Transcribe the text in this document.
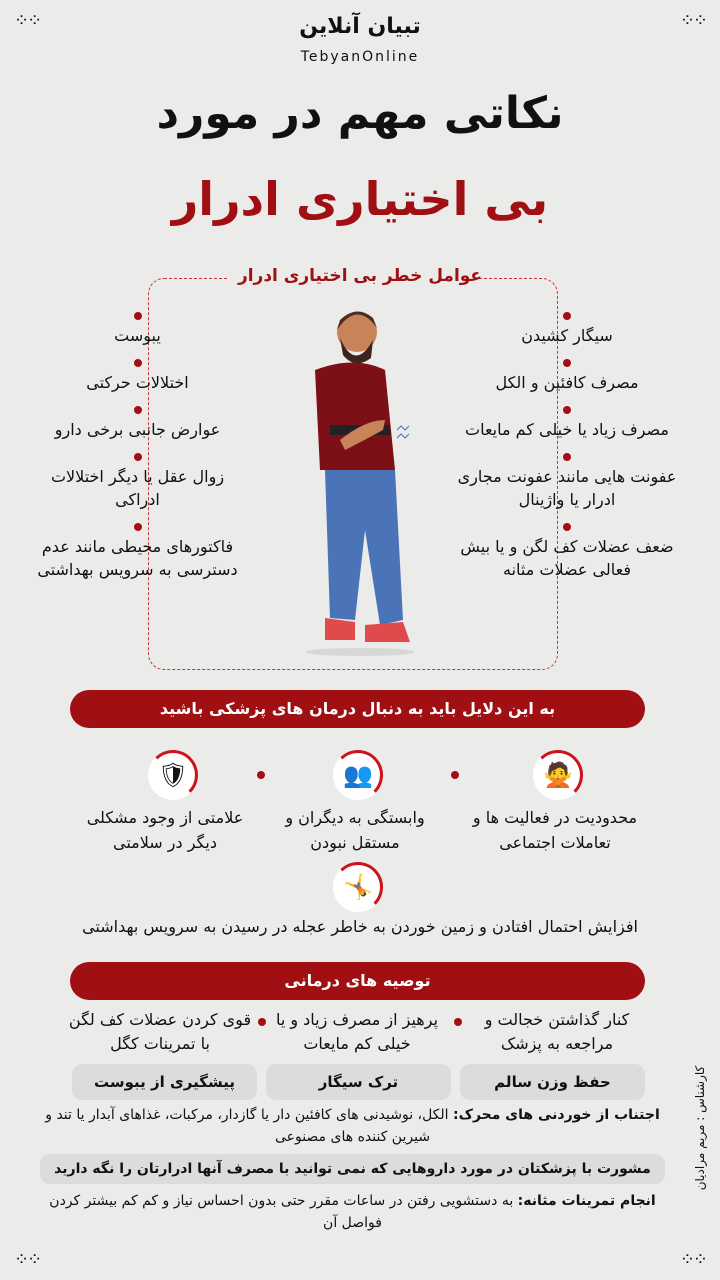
⁘⁘	⁘⁘
⁘⁘	⁘⁘
تبیان آنلاین
TebyanOnline
نکاتی مهم در مورد
بی اختیاری ادرار
عوامل خطر بی اختیاری ادرار
یبوست
اختلالات حرکتی
عوارض جانبی برخی دارو
زوال عقل یا دیگر اختلالات ادراکی
فاکتورهای محیطی مانند عدم دسترسی به سرویس بهداشتی
سیگار کشیدن
مصرف کافئین و الکل
مصرف زیاد یا خیلی کم مایعات
عفونت هایی مانند عفونت مجاری ادرار یا واژینال
ضعف عضلات کف لگن و یا بیش فعالی عضلات مثانه
به این دلایل باید به دنبال درمان های پزشکی باشید
🙅
👥
🛡
محدودیت در فعالیت ها و تعاملات اجتماعی
وابستگی به دیگران و مستقل نبودن
علامتی از وجود مشکلی دیگر در سلامتی
🤸
افزایش احتمال افتادن و زمین خوردن به خاطر عجله در رسیدن به سرویس بهداشتی
توصیه های درمانی
کنار گذاشتن خجالت و مراجعه به پزشک
پرهیز از مصرف زیاد و یا خیلی کم مایعات
قوی کردن عضلات کف لگن با تمرینات کگل
حفظ وزن سالم
ترک سیگار
پیشگیری از یبوست
اجتناب از خوردنی های محرک: الکل، نوشیدنی های کافئین دار یا گازدار، مرکبات، غذاهای آبدار یا تند و شیرین کننده های مصنوعی
مشورت با پزشکتان در مورد داروهایی که نمی توانید با مصرف آنها ادرارتان را نگه دارید
انجام تمرینات مثانه: به دستشویی رفتن در ساعات مقرر حتی بدون احساس نیاز و کم کم بیشتر کردن فواصل آن
کارشناس : مریم مرادیان
